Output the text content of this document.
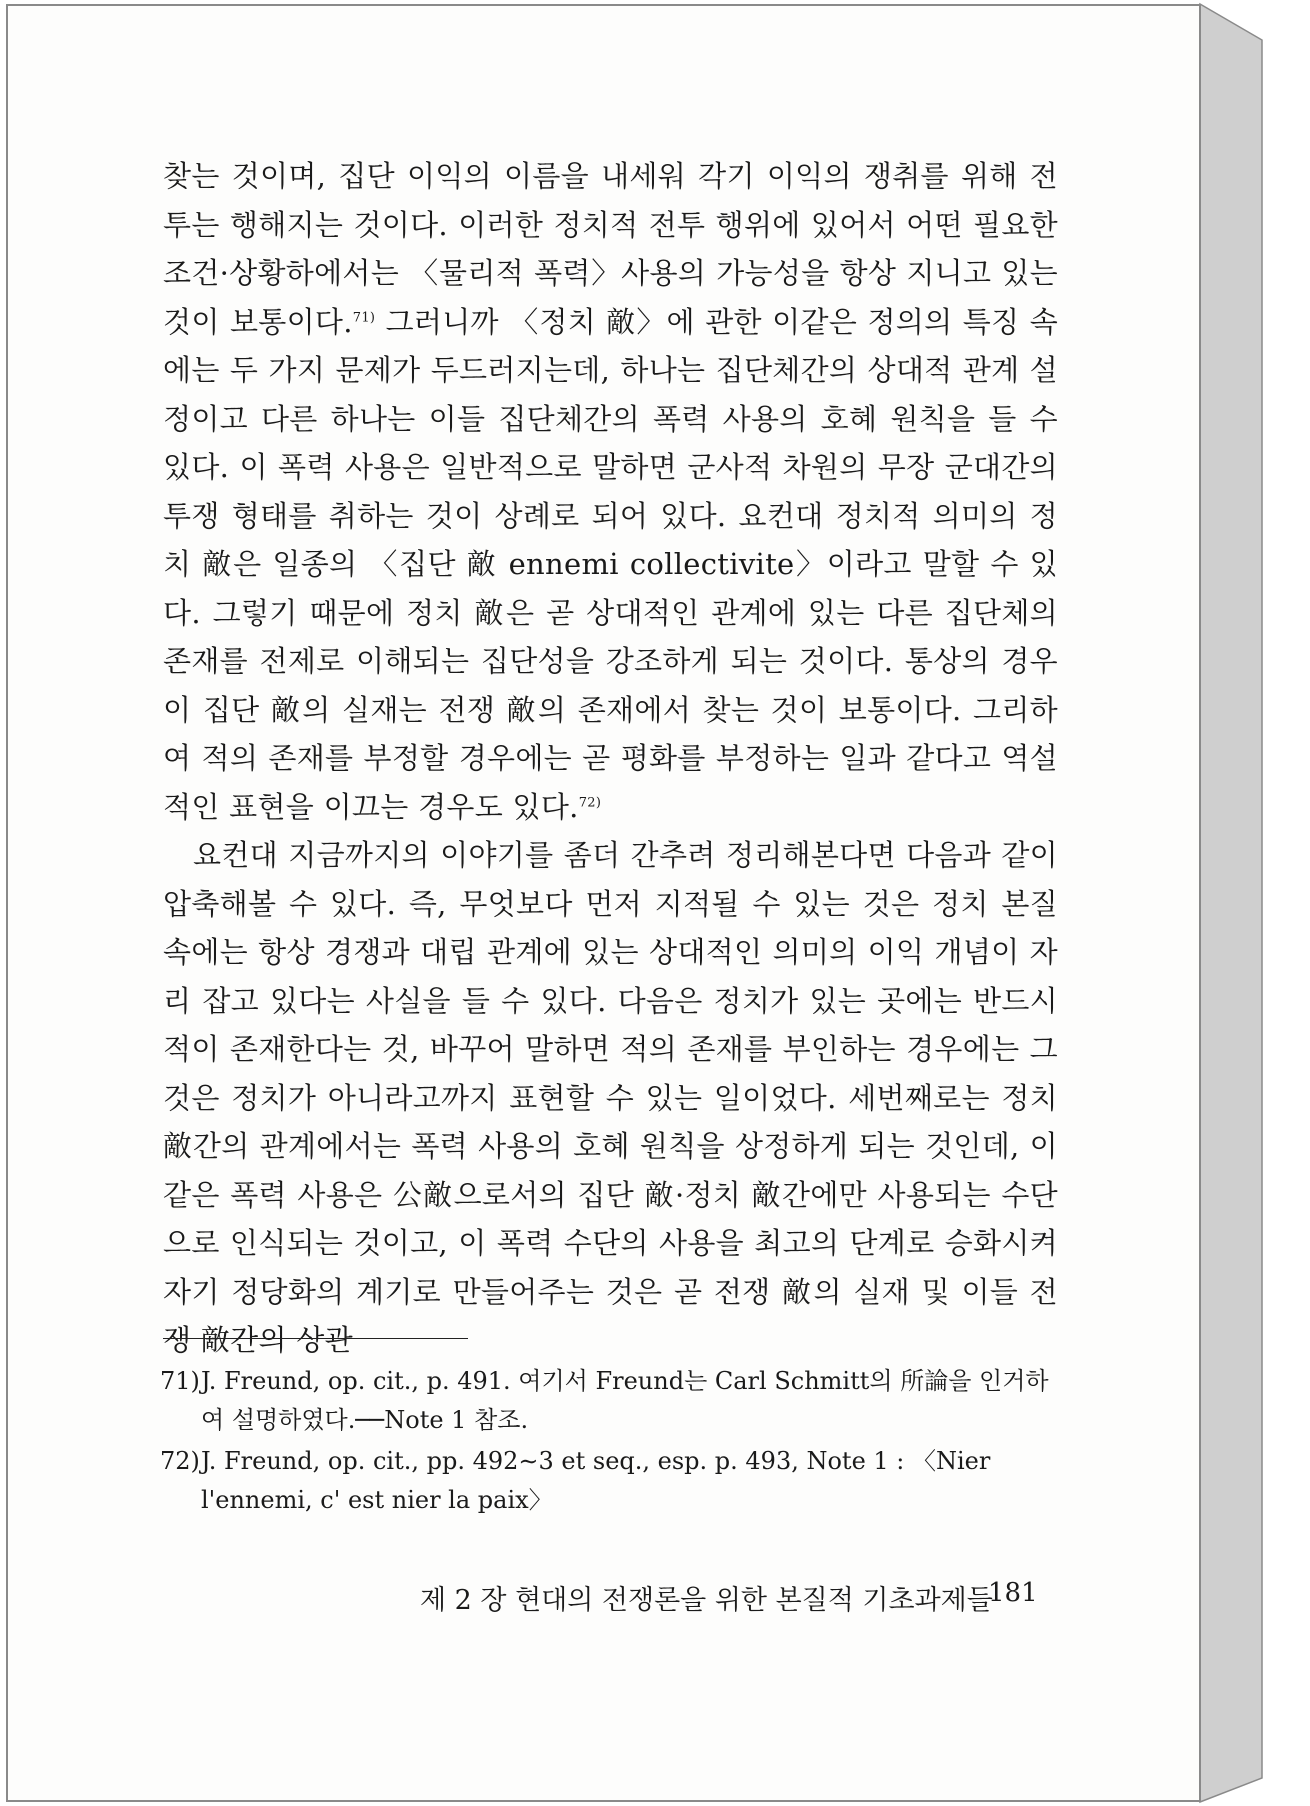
찾는 것이며, 집단 이익의 이름을 내세워 각기 이익의 쟁취를 위해 전투는 행해지는 것이다. 이러한 정치적 전투 행위에 있어서 어떤 필요한 조건·상황하에서는 〈물리적 폭력〉사용의 가능성을 항상 지니고 있는 것이 보통이다.$^{71)}$ 그러니까 〈정치 敵〉에 관한 이같은 정의의 특징 속에는 두 가지 문제가 두드러지는데, 하나는 집단체간의 상대적 관계 설정이고 다른 하나는 이들 집단체간의 폭력 사용의 호혜 원칙을 들 수 있다. 이 폭력 사용은 일반적으로 말하면 군사적 차원의 무장 군대간의 투쟁 형태를 취하는 것이 상례로 되어 있다. 요컨대 정치적 의미의 정치 敵은 일종의 〈집단 敵 ennemi collectivite〉이라고 말할 수 있다. 그렇기 때문에 정치 敵은 곧 상대적인 관계에 있는 다른 집단체의 존재를 전제로 이해되는 집단성을 강조하게 되는 것이다. 통상의 경우 이 집단 敵의 실재는 전쟁 敵의 존재에서 찾는 것이 보통이다. 그리하여 적의 존재를 부정할 경우에는 곧 평화를 부정하는 일과 같다고 역설적인 표현을 이끄는 경우도 있다.$^{72)}$

요컨대 지금까지의 이야기를 좀더 간추려 정리해본다면 다음과 같이 압축해볼 수 있다. 즉, 무엇보다 먼저 지적될 수 있는 것은 정치 본질 속에는 항상 경쟁과 대립 관계에 있는 상대적인 의미의 이익 개념이 자리 잡고 있다는 사실을 들 수 있다. 다음은 정치가 있는 곳에는 반드시 적이 존재한다는 것, 바꾸어 말하면 적의 존재를 부인하는 경우에는 그것은 정치가 아니라고까지 표현할 수 있는 일이었다. 세번째로는 정치 敵간의 관계에서는 폭력 사용의 호혜 원칙을 상정하게 되는 것인데, 이같은 폭력 사용은 公敵으로서의 집단 敵·정치 敵간에만 사용되는 수단으로 인식되는 것이고, 이 폭력 수단의 사용을 최고의 단계로 승화시켜 자기 정당화의 계기로 만들어주는 것은 곧 전쟁 敵의 실재 및 이들 전쟁 敵간의 상관

71) J. Freund, op. cit., p. 491. 여기서 Freund는 Carl Schmitt의 所論을 인거하여 설명하였다.──Note 1 참조.
72) J. Freund, op. cit., pp. 492∼3 et seq., esp. p. 493, Note 1 : 〈Nier l'ennemi, c' est nier la paix〉
제 2 장 현대의 전쟁론을 위한 본질적 기초과제들
181
